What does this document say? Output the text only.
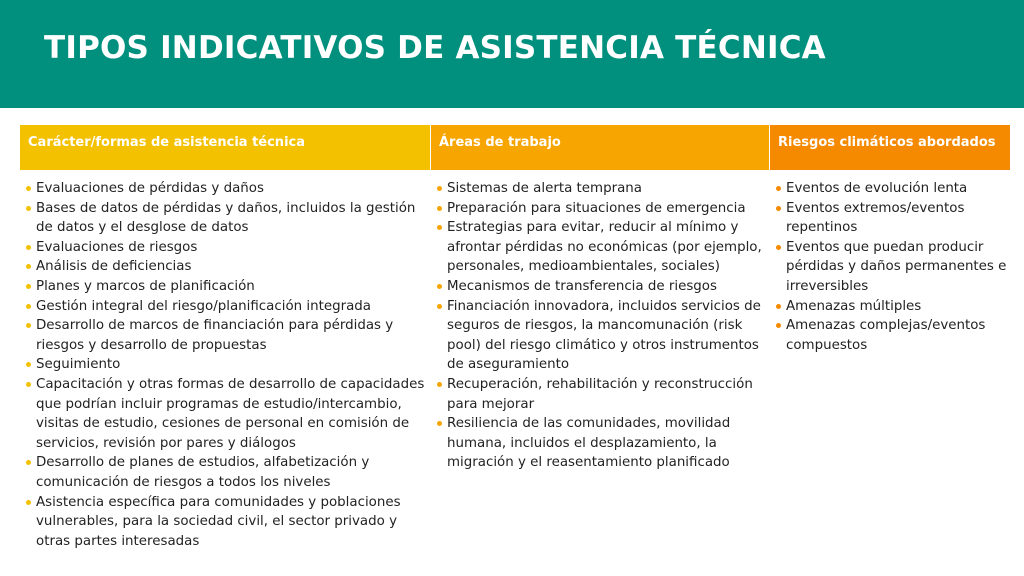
TIPOS INDICATIVOS DE ASISTENCIA TÉCNICA
Carácter/formas de asistencia técnica	Áreas de trabajo	Riesgos climáticos abordados
Evaluaciones de pérdidas y daños
Bases de datos de pérdidas y daños, incluidos la gestión de datos y el desglose de datos
Evaluaciones de riesgos
Análisis de deficiencias
Planes y marcos de planificación
Gestión integral del riesgo/planificación integrada
Desarrollo de marcos de financiación para pérdidas y riesgos y desarrollo de propuestas
Seguimiento
Capacitación y otras formas de desarrollo de capacidades que podrían incluir programas de estudio/intercambio, visitas de estudio, cesiones de personal en comisión de servicios, revisión por pares y diálogos
Desarrollo de planes de estudios, alfabetización y comunicación de riesgos a todos los niveles
Asistencia específica para comunidades y poblaciones vulnerables, para la sociedad civil, el sector privado y otras partes interesadas
Sistemas de alerta temprana
Preparación para situaciones de emergencia
Estrategias para evitar, reducir al mínimo y afrontar pérdidas no económicas (por ejemplo, personales, medioambientales, sociales)
Mecanismos de transferencia de riesgos
Financiación innovadora, incluidos servicios de seguros de riesgos, la mancomunación (risk pool) del riesgo climático y otros instrumentos de aseguramiento
Recuperación, rehabilitación y reconstrucción para mejorar
Resiliencia de las comunidades, movilidad humana, incluidos el desplazamiento, la migración y el reasentamiento planificado
Eventos de evolución lenta
Eventos extremos/eventos repentinos
Eventos que puedan producir pérdidas y daños permanentes e irreversibles
Amenazas múltiples
Amenazas complejas/eventos compuestos
